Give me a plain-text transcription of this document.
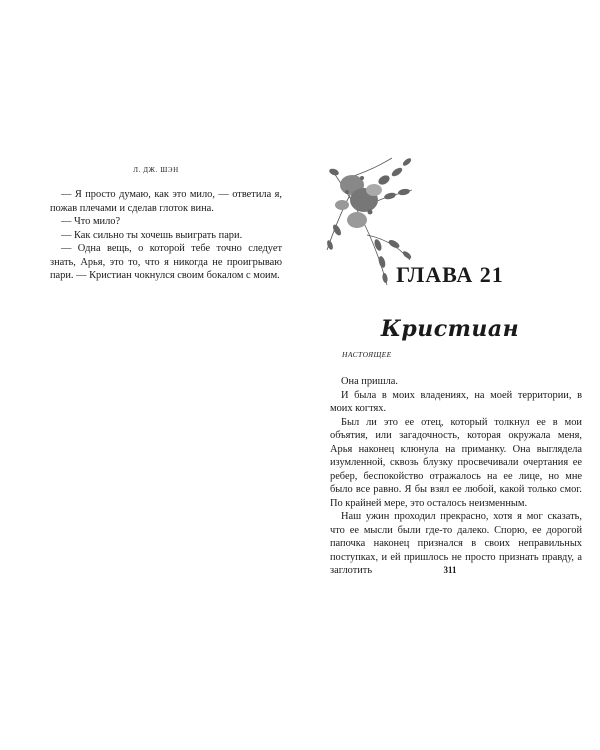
Л. ДЖ. ШЭН

— Я просто думаю, как это мило, — ответила я, пожав плечами и сделав глоток вина.

— Что мило?

— Как сильно ты хочешь выиграть пари.

— Одна вещь, о которой тебе точно следует знать, Арья, это то, что я никогда не проигрываю пари. — Кристиан чокнулся своим бокалом с моим.	ГЛАВА 21
Кристиан
НАСТОЯЩЕЕ

Она пришла.

И была в моих владениях, на моей территории, в моих когтях.

Был ли это ее отец, который толкнул ее в мои объятия, или загадочность, которая окружала меня, Арья наконец клюнула на приманку. Она выглядела изумленной, сквозь блузку просвечивали очертания ее ребер, беспокойство отражалось на ее лице, но мне было все равно. Я бы взял ее любой, какой только смог. По крайней мере, это осталось неизменным.

Наш ужин проходил прекрасно, хотя я мог сказать, что ее мысли были где-то далеко. Спорю, ее дорогой папочка наконец признался в своих неправильных поступках, и ей пришлось не просто признать правду, а заглотить	311
